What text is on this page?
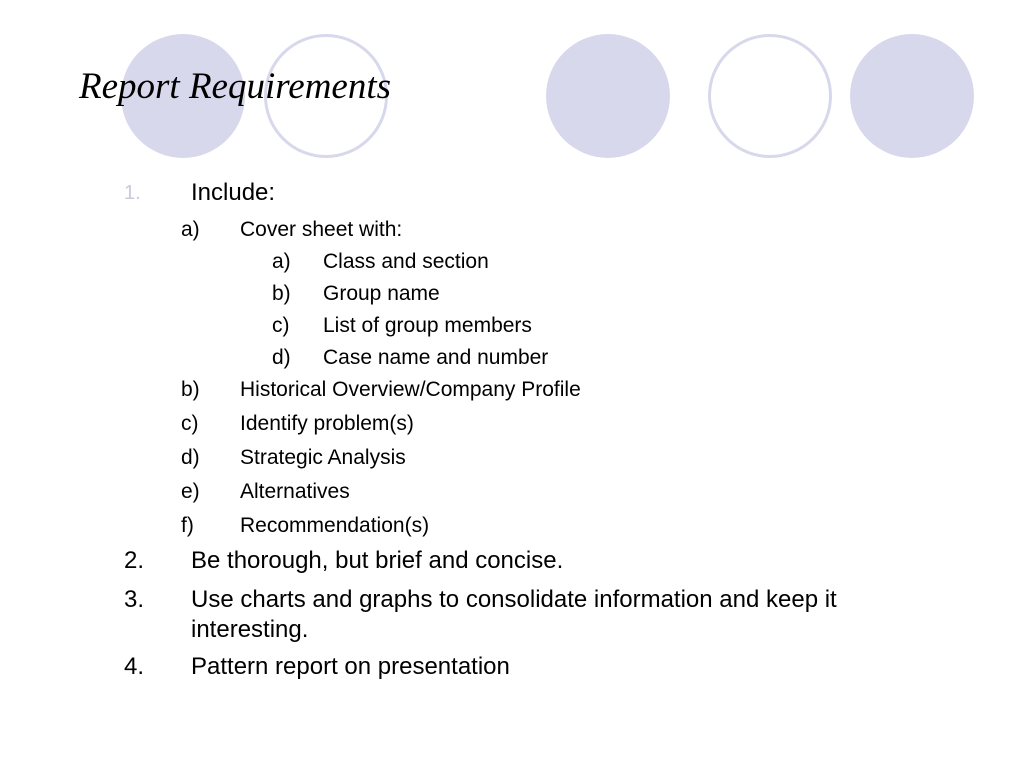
Report Requirements
1. Include:
a) Cover sheet with:
a) Class and section
b) Group name
c) List of group members
d) Case name and number
b) Historical Overview/Company Profile
c) Identify problem(s)
d) Strategic Analysis
e) Alternatives
f) Recommendation(s)
2. Be thorough, but brief and concise.
3. Use charts and graphs to consolidate information and keep it interesting.
4. Pattern report on presentation
